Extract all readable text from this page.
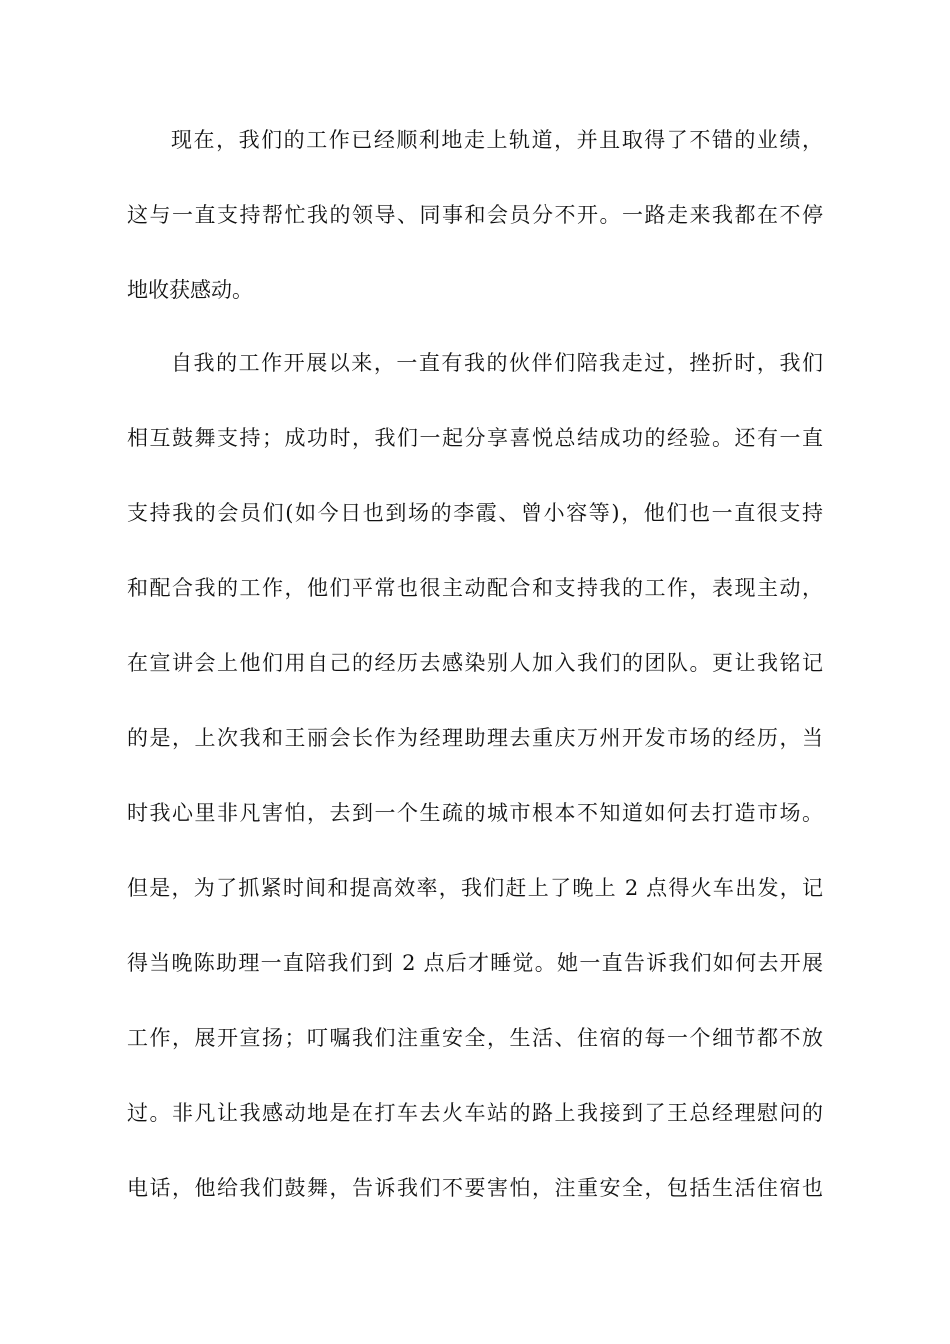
现在，我们的工作已经顺利地走上轨道，并且取得了不错的业绩，
这与一直支持帮忙我的领导、同事和会员分不开。一路走来我都在不停
地收获感动。
自我的工作开展以来，一直有我的伙伴们陪我走过，挫折时，我们
相互鼓舞支持；成功时，我们一起分享喜悦总结成功的经验。还有一直
支持我的会员们(如今日也到场的李霞、曾小容等)，他们也一直很支持
和配合我的工作，他们平常也很主动配合和支持我的工作，表现主动，
在宣讲会上他们用自己的经历去感染别人加入我们的团队。更让我铭记
的是，上次我和王丽会长作为经理助理去重庆万州开发市场的经历，当
时我心里非凡害怕，去到一个生疏的城市根本不知道如何去打造市场。
但是，为了抓紧时间和提高效率，我们赶上了晚上 2 点得火车出发，记
得当晚陈助理一直陪我们到 2 点后才睡觉。她一直告诉我们如何去开展
工作，展开宣扬；叮嘱我们注重安全，生活、住宿的每一个细节都不放
过。非凡让我感动地是在打车去火车站的路上我接到了王总经理慰问的
电话，他给我们鼓舞，告诉我们不要害怕，注重安全，包括生活住宿也
